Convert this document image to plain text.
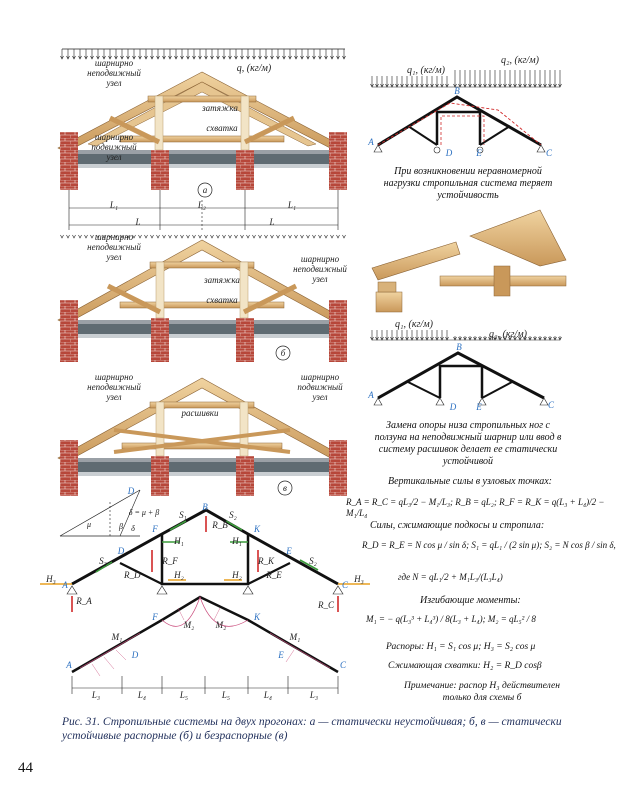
q, (кг/м)	q₁, (кг/м)
q₂, (кг/м)
q₁, (кг/м)
q₂, (кг/м)
шарнирно неподвижный узел
шарнирно подвижный узел
затяжка
схватка
шарнирно неподвижный узел	шарнирно неподвижный узел
затяжка
схватка
шарнирно неподвижный узел
шарнирно подвижный узел
расшивки
а
б
в
L₁	L₂	L₁
L	L
A
B
C
D	E
A
B
C
D E
При возникновении неравномерной нагрузки стропильная система теряет устойчивость
Замена опоры низа стропильных ног с ползуна на неподвижный шарнир или ввод в систему расшивок делает ее статически устойчивой
Вертикальные силы в узловых точках:
R_A = R_C = qL₃/2 − M₁/L₃; R_B = qL₂; R_F = R_K = q(L₃ + L₄)/2 − M₁/L₄
Силы, сжимающие подкосы и стропила:
R_D = R_E = N cos μ / sin δ; S₁ = qL₁ / (2 sin μ); S₂ = N cos β / sin δ,
где N = qL₁/2 + M₁L₃/(L₃L₄)
Изгибающие моменты:
M₁ = − q(L₃³ + L₄³) / 8(L₃ + L₄); M₂ = qL₅² / 8
Распоры: H₁ = S₁ cos μ; H₃ = S₂ cos μ
Сжимающая схватки: H₂ = R_D cosβ
Примечание: распор H₃ действителен только для схемы б
δ = μ + β
μ	β	δ
D
B
F	K
D	E
S₁	S₂
S₃	S₂
H₁	H₁
H₂	H₂
H₃	H₃
R_B
R_F	R_K
R_D	R_E
R_A	R_C
A	C
M₁
M₂ M₂
M₁
A
F	K
C
D	E
L₃	L₄	L₅	L₅	L₄	L₃
Рис. 31. Стропильные системы на двух прогонах: а — статически неустойчивая; б, в — статически устойчивые распорные (б) и безраспорные (в)
44
